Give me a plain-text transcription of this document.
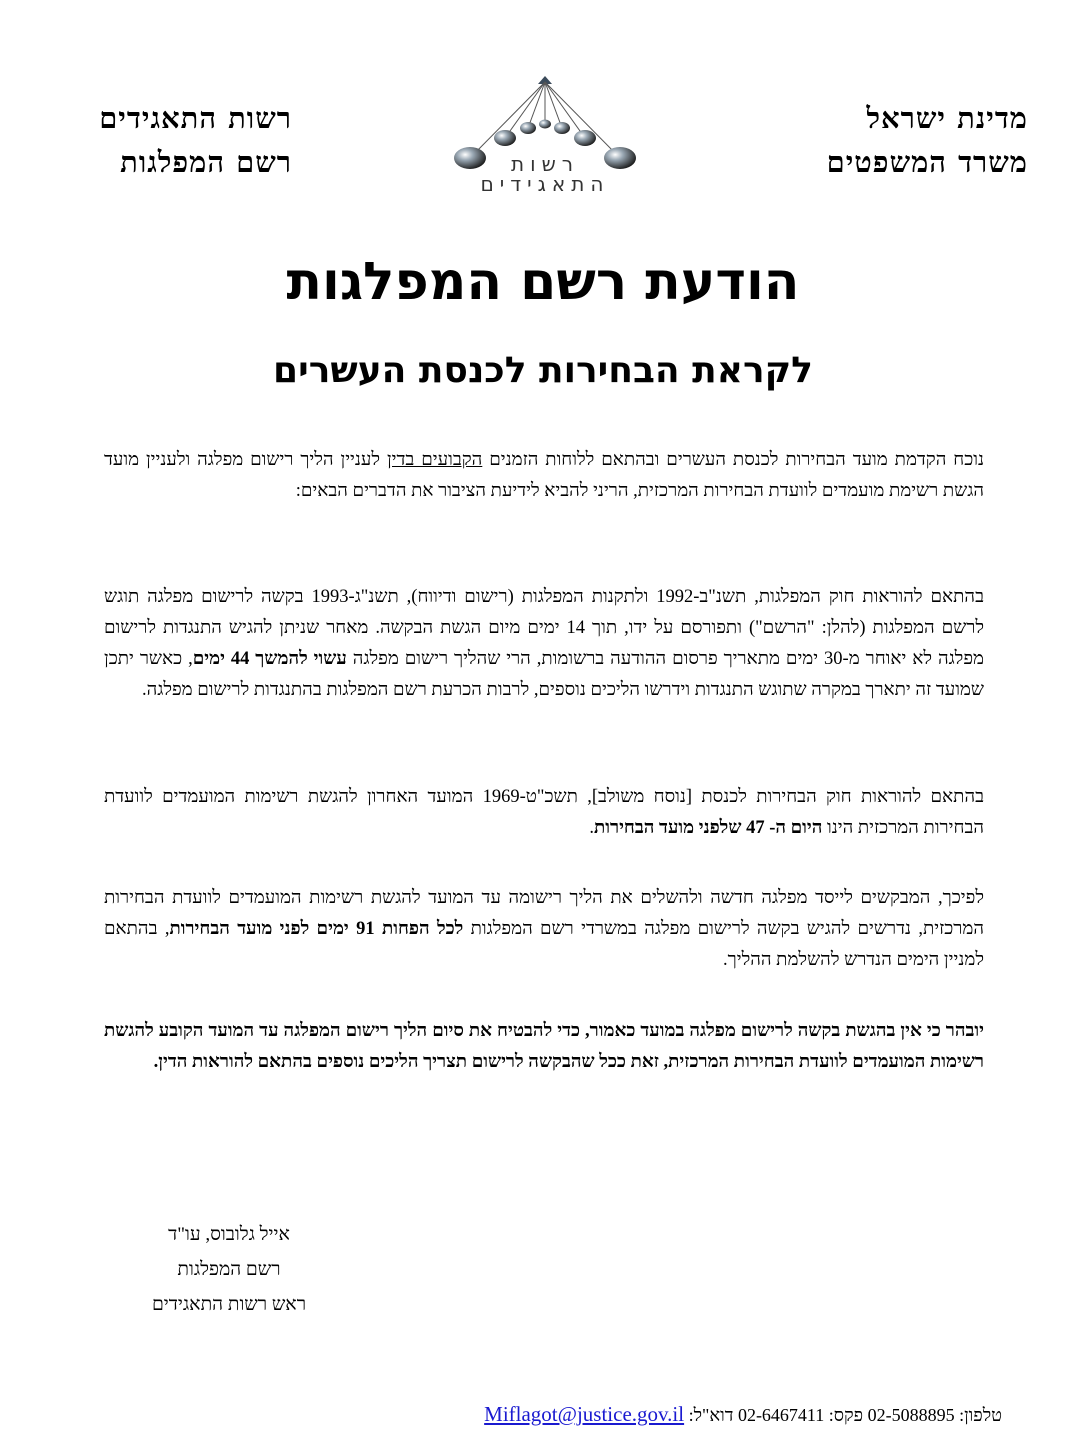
מדינת ישראל
משרד המשפטים
רשות התאגידים
רשם המפלגות	רשות
התאגידים
הודעת רשם המפלגות
לקראת הבחירות לכנסת העשרים
נוכח הקדמת מועד הבחירות לכנסת העשרים ובהתאם ללוחות הזמנים הקבועים בדין לעניין הליך רישום מפלגה ולעניין מועד הגשת רשימת מועמדים לוועדת הבחירות המרכזית, הריני להביא לידיעת הציבור את הדברים הבאים:
בהתאם להוראות חוק המפלגות, תשנ"ב-1992 ולתקנות המפלגות (רישום ודיווח), תשנ"ג-1993 בקשה לרישום מפלגה תוגש לרשם המפלגות (להלן: "הרשם") ותפורסם על ידו, תוך 14 ימים מיום הגשת הבקשה. מאחר שניתן להגיש התנגדות לרישום מפלגה לא יאוחר מ-30 ימים מתאריך פרסום ההודעה ברשומות, הרי שהליך רישום מפלגה עשוי להמשך 44 ימים, כאשר יתכן שמועד זה יתארך במקרה שתוגש התנגדות וידרשו הליכים נוספים, לרבות הכרעת רשם המפלגות בהתנגדות לרישום מפלגה.
בהתאם להוראות חוק הבחירות לכנסת [נוסח משולב], תשכ"ט-1969 המועד האחרון להגשת רשימות המועמדים לוועדת הבחירות המרכזית הינו היום ה- 47 שלפני מועד הבחירות.
לפיכך, המבקשים לייסד מפלגה חדשה ולהשלים את הליך רישומה עד המועד להגשת רשימות המועמדים לוועדת הבחירות המרכזית, נדרשים להגיש בקשה לרישום מפלגה במשרדי רשם המפלגות לכל הפחות 91 ימים לפני מועד הבחירות, בהתאם למניין הימים הנדרש להשלמת ההליך.
יובהר כי אין בהגשת בקשה לרישום מפלגה במועד כאמור, כדי להבטיח את סיום הליך רישום המפלגה עד המועד הקובע להגשת רשימות המועמדים לוועדת הבחירות המרכזית, זאת ככל שהבקשה לרישום תצריך הליכים נוספים בהתאם להוראות הדין.
אייל גלובוס, עו"ד
רשם המפלגות
ראש רשות התאגידים
טלפון: 02-5088895 פקס: 02-6467411 דוא"ל: Miflagot@justice.gov.il
